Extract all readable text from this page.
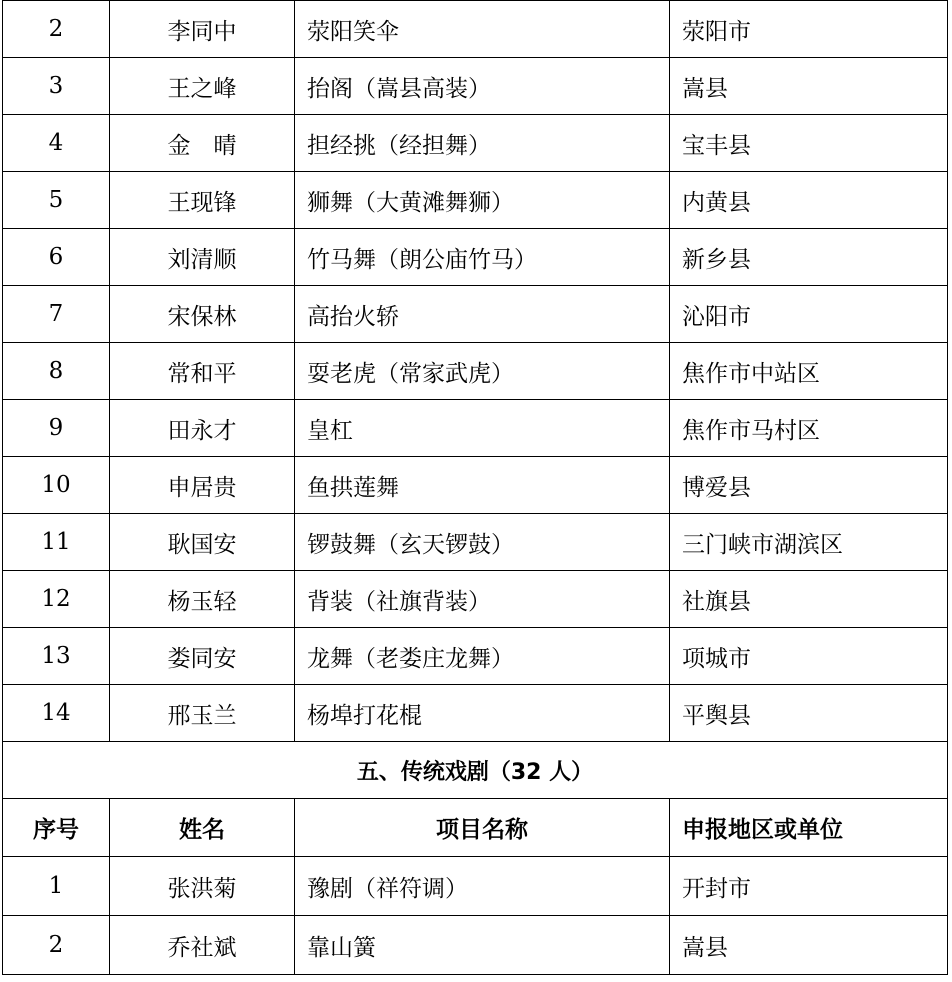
2	李同中	荥阳笑伞	荥阳市
3	王之峰	抬阁（嵩县高装）	嵩县
4	金　晴	担经挑（经担舞）	宝丰县
5	王现锋	狮舞（大黄滩舞狮）	内黄县
6	刘清顺	竹马舞（朗公庙竹马）	新乡县
7	宋保林	高抬火轿	沁阳市
8	常和平	耍老虎（常家武虎）	焦作市中站区
9	田永才	皇杠	焦作市马村区
10	申居贵	鱼拱莲舞	博爱县
11	耿国安	锣鼓舞（玄天锣鼓）	三门峡市湖滨区
12	杨玉轻	背装（社旗背装）	社旗县
13	娄同安	龙舞（老娄庄龙舞）	项城市
14	邢玉兰	杨埠打花棍	平舆县
五、传统戏剧（32 人）			
序号	姓名	项目名称	申报地区或单位
1	张洪菊	豫剧（祥符调）	开封市
2	乔社斌	靠山簧	嵩县
